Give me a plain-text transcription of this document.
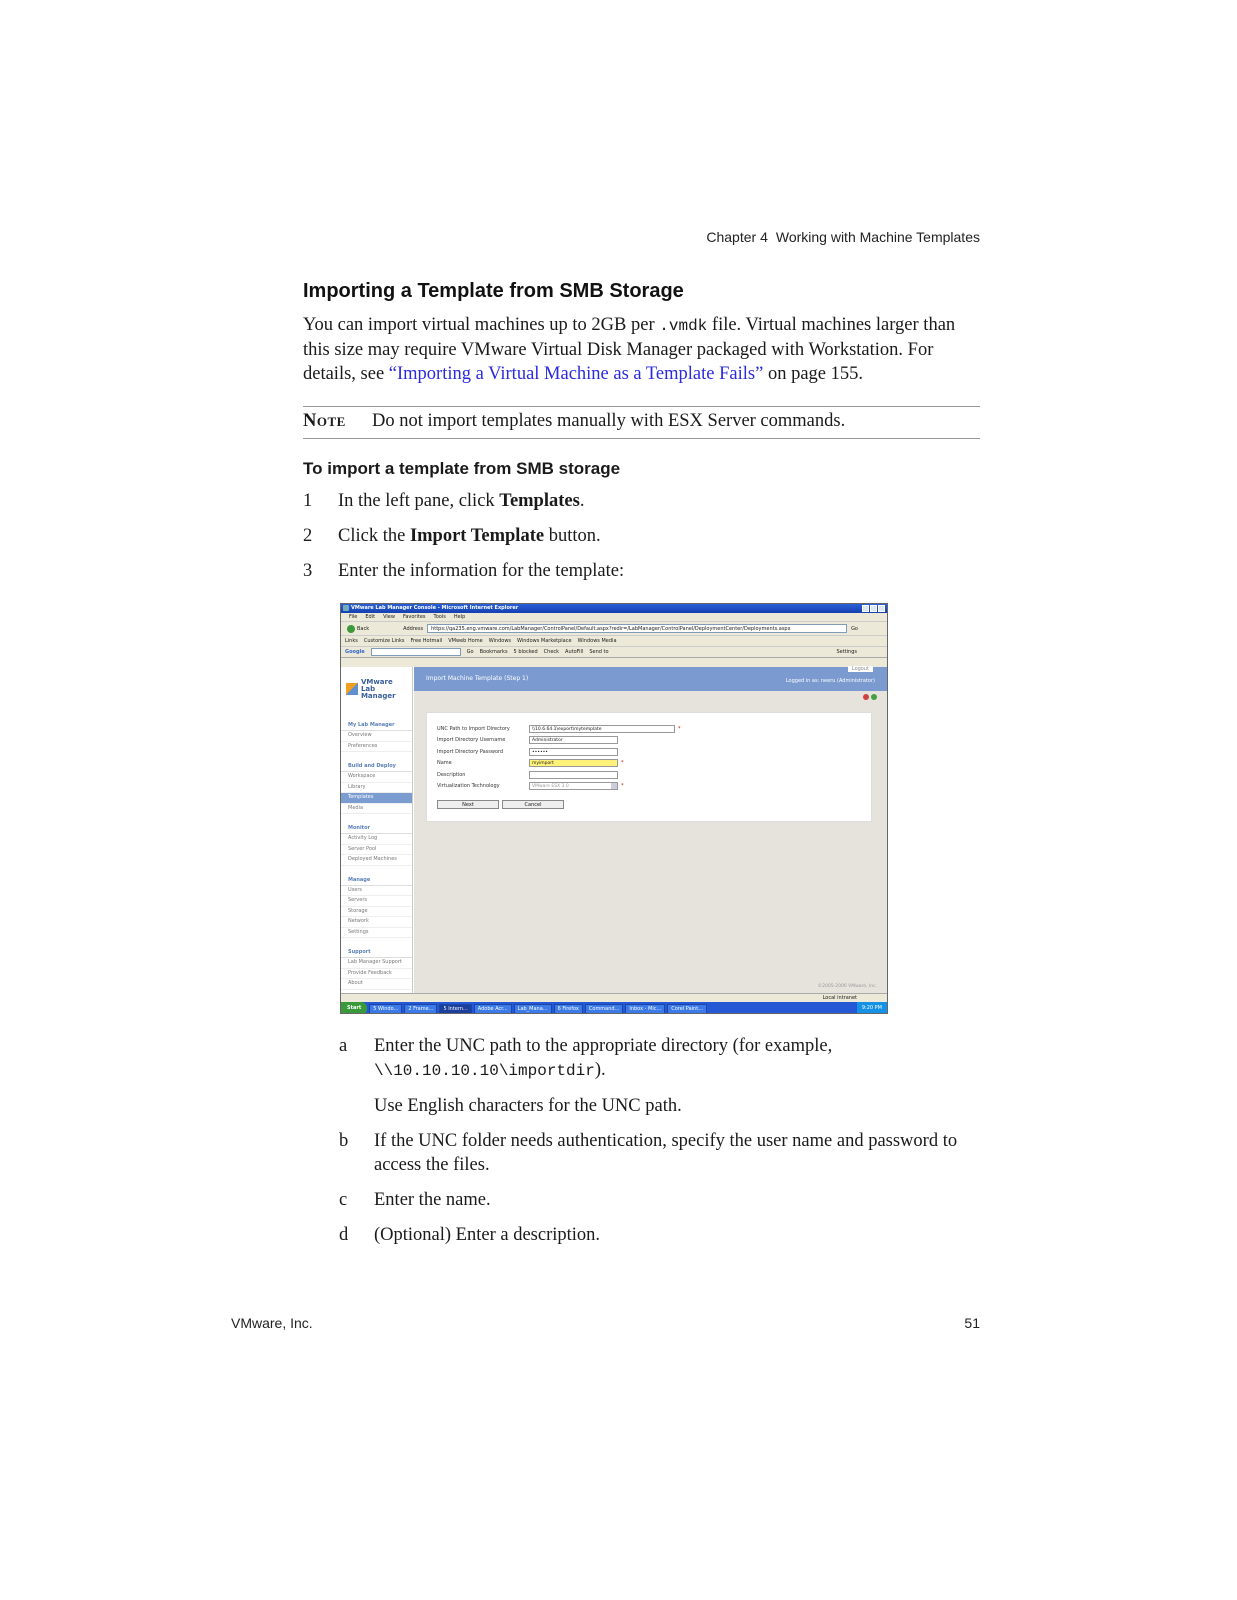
Chapter 4 Working with Machine Templates
Importing a Template from SMB Storage

You can import virtual machines up to 2GB per .vmdk file. Virtual machines larger than this size may require VMware Virtual Disk Manager packaged with Workstation. For details, see “Importing a Virtual Machine as a Template Fails” on page 155.

Note	Do not import templates manually with ESX Server commands.
To import a template from SMB storage
1	In the left pane, click Templates.
2	Click the Import Template button.
3	Enter the information for the template:
VMware Lab Manager Console - Microsoft Internet Explorer
File Edit View Favorites Tools Help
Back	Address	https://qa235.eng.vmware.com/LabManager/ControlPanel/Default.aspx?redir=/LabManager/ControlPanel/DeploymentCenter/Deployments.aspx	Go
Links Customize Links Free Hotmail VMweb Home Windows Windows Marketplace Windows Media
Google	Go Bookmarks 5 blocked Check AutoFill Send to	Settings
VMware
Lab Manager
My Lab Manager
Overview
Preferences
Build and Deploy
Workspace
Library
Templates
Media
Monitor
Activity Log
Server Pool
Deployed Machines
Manage
Users
Servers
Storage
Network
Settings
Support
Lab Manager Support
Provide Feedback
About
Logout
Import Machine Template (Step 1)	Logged in as: neeru (Administrator)
UNC Path to Import Directory	\\10.6.64.1\export\mytemplate	*
Import Directory Username	Administrator
Import Directory Password	••••••
Name	myimport	*
Description
Virtualization Technology	VMware ESX 3.0	*
Next	Cancel
©2005-2006 VMware, Inc.
Local intranet
Start	5 Windo...	2 Frame...	5 Intern...	Adobe Acr...	Lab_Mana...	6 Firefox	Command...	Inbox - Mic...	Corel Paint...	9:20 PM
a	Enter the UNC path to the appropriate directory (for example, \\10.10.10.10\importdir).
Use English characters for the UNC path.
b	If the UNC folder needs authentication, specify the user name and password to access the files.
c	Enter the name.
d	(Optional) Enter a description.
VMware, Inc.	51
